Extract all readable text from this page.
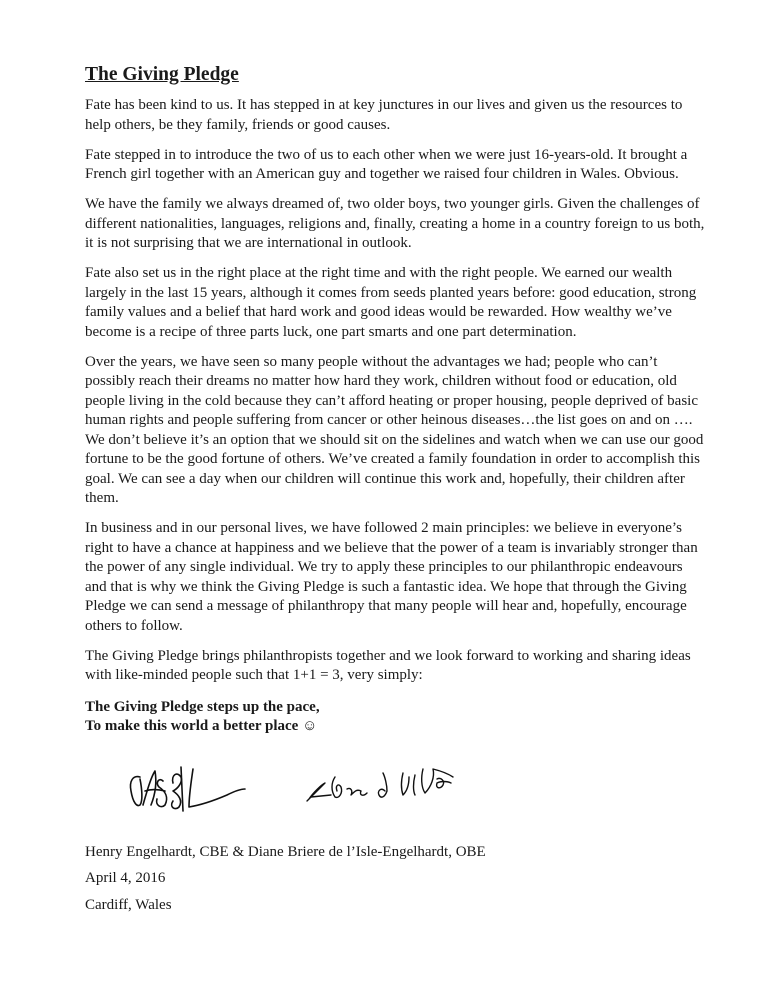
The Giving Pledge

Fate has been kind to us. It has stepped in at key junctures in our lives and given us the resources to help others, be they family, friends or good causes.

Fate stepped in to introduce the two of us to each other when we were just 16-years-old. It brought a French girl together with an American guy and together we raised four children in Wales. Obvious.

We have the family we always dreamed of, two older boys, two younger girls. Given the challenges of different nationalities, languages, religions and, finally, creating a home in a country foreign to us both, it is not surprising that we are international in outlook.

Fate also set us in the right place at the right time and with the right people. We earned our wealth largely in the last 15 years, although it comes from seeds planted years before: good education, strong family values and a belief that hard work and good ideas would be rewarded. How wealthy we’ve become is a recipe of three parts luck, one part smarts and one part determination.

Over the years, we have seen so many people without the advantages we had; people who can’t possibly reach their dreams no matter how hard they work, children without food or education, old people living in the cold because they can’t afford heating or proper housing, people deprived of basic human rights and people suffering from cancer or other heinous diseases…the list goes on and on …. We don’t believe it’s an option that we should sit on the sidelines and watch when we can use our good fortune to be the good fortune of others. We’ve created a family foundation in order to accomplish this goal. We can see a day when our children will continue this work and, hopefully, their children after them.

In business and in our personal lives, we have followed 2 main principles: we believe in everyone’s right to have a chance at happiness and we believe that the power of a team is invariably stronger than the power of any single individual. We try to apply these principles to our philanthropic endeavours and that is why we think the Giving Pledge is such a fantastic idea. We hope that through the Giving Pledge we can send a message of philanthropy that many people will hear and, hopefully, encourage others to follow.

The Giving Pledge brings philanthropists together and we look forward to working and sharing ideas with like-minded people such that 1+1 = 3, very simply:

The Giving Pledge steps up the pace,
To make this world a better place ☺
Henry Engelhardt, CBE & Diane Briere de l’Isle-Engelhardt, OBE
April 4, 2016
Cardiff, Wales
